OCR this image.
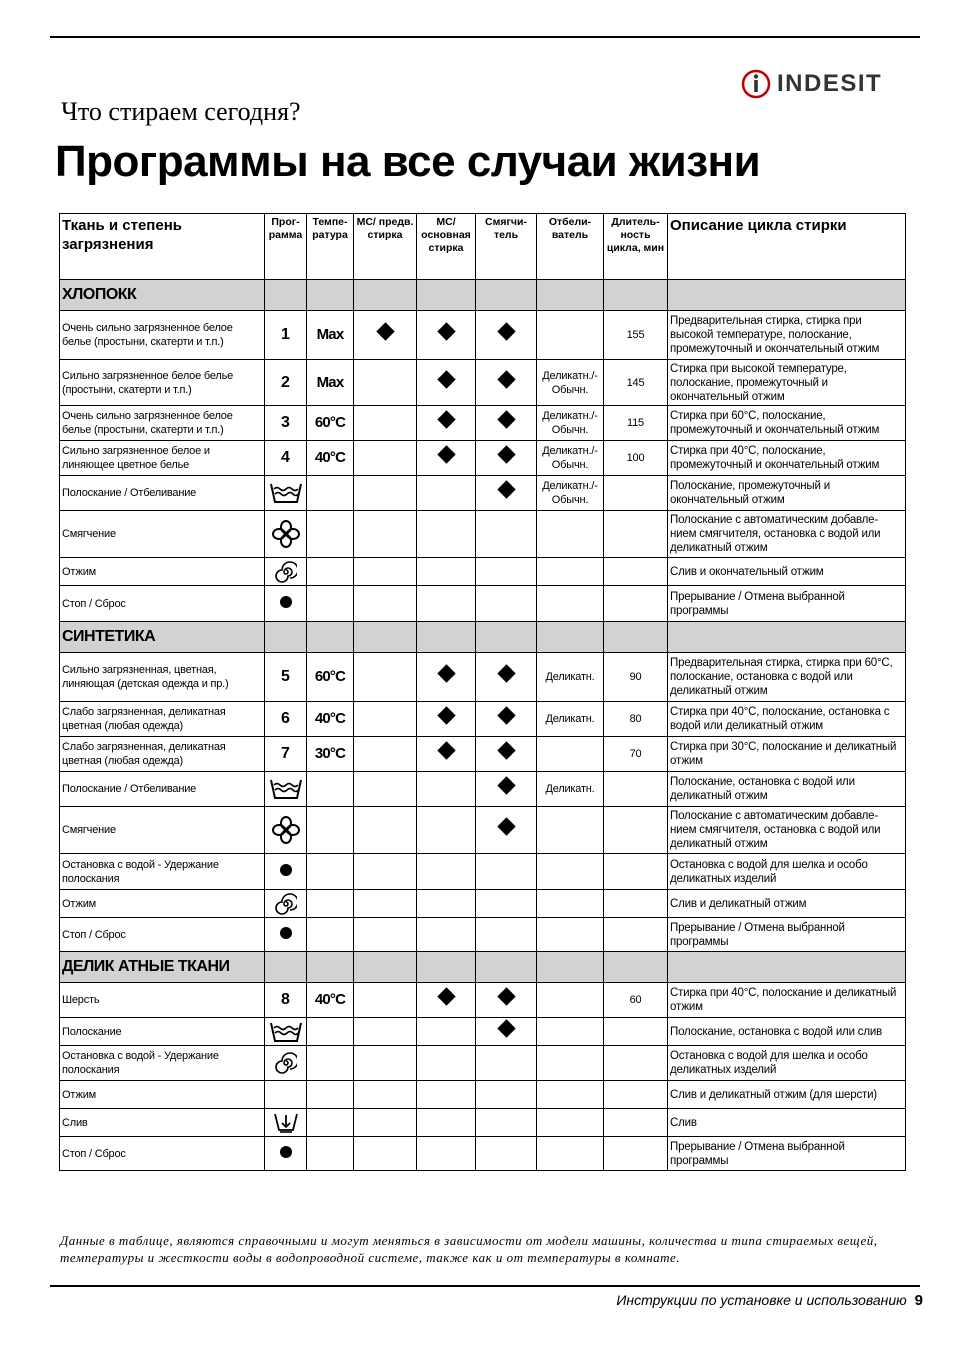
INDESIT
Что стираем сегодня?
Программы на все случаи жизни
Ткань и степень загрязнения	Прог- рамма	Темпе- ратура	МС/ предв. стирка	МС/ основная стирка	Смягчи- тель	Отбели- ватель	Длитель- ность цикла, мин	Описание цикла стирки
ХЛОПОКК								
Очень сильно загрязненное белое белье (простыни, скатерти и т.п.)	1	Max					155	Предварительная стирка, стирка при высокой температуре, полоскание, промежуточный и окончательный отжим
Сильно загрязненное белое белье (простыни, скатерти и т.п.)	2	Max				Деликатн./- Обычн.	145	Стирка при высокой температуре, полоскание, промежуточный и окончательный отжим
Очень сильно загрязненное белое белье (простыни, скатерти и т.п.)	3	60°C				Деликатн./- Обычн.	115	Стирка при 60°C, полоскание, промежуточный и окончательный отжим
Сильно загрязненное белое и линяющее цветное белье	4	40°C				Деликатн./- Обычн.	100	Стирка при 40°C, полоскание, промежуточный и окончательный отжим
Полоскание / Отбеливание						Деликатн./- Обычн.		Полоскание, промежуточный и окончательный отжим
Смягчение								Полоскание с автоматическим добавле- нием смягчителя, остановка с водой или деликатный отжим
Отжим								Слив и окончательный отжим
Стоп / Сброс								Прерывание / Отмена выбранной программы
СИНТЕТИКА								
Сильно загрязненная, цветная, линяющая (детская одежда и пр.)	5	60°C				Деликатн.	90	Предварительная стирка, стирка при 60°C, полоскание, остановка с водой или деликатный отжим
Слабо загрязненная, деликатная цветная (любая одежда)	6	40°C				Деликатн.	80	Стирка при 40°C, полоскание, остановка с водой или деликатный отжим
Слабо загрязненная, деликатная цветная (любая одежда)	7	30°C					70	Стирка при 30°C, полоскание и деликатный отжим
Полоскание / Отбеливание						Деликатн.		Полоскание, остановка с водой или деликатный отжим
Смягчение								Полоскание с автоматическим добавле- нием смягчителя, остановка с водой или деликатный отжим
Остановка с водой - Удержание полоскания								Остановка с водой для шелка и особо деликатных изделий
Отжим								Слив и деликатный отжим
Стоп / Сброс								Прерывание / Отмена выбранной программы
ДЕЛИК АТНЫЕ ТКАНИ								
Шерсть	8	40°C					60	Стирка при 40°C, полоскание и деликатный отжим
Полоскание								Полоскание, остановка с водой или слив
Остановка с водой - Удержание полоскания								Остановка с водой для шелка и особо деликатных изделий
Отжим								Слив и деликатный отжим (для шерсти)
Слив								Слив
Стоп / Сброс								Прерывание / Отмена выбранной программы
Данные в таблице, являются справочными и могут меняться в зависимости от модели машины, количества и типа стираемых вещей, температуры и жесткости воды в водопроводной системе, также как и от температуры в комнате.
Инструкции по установке и использованию 9
